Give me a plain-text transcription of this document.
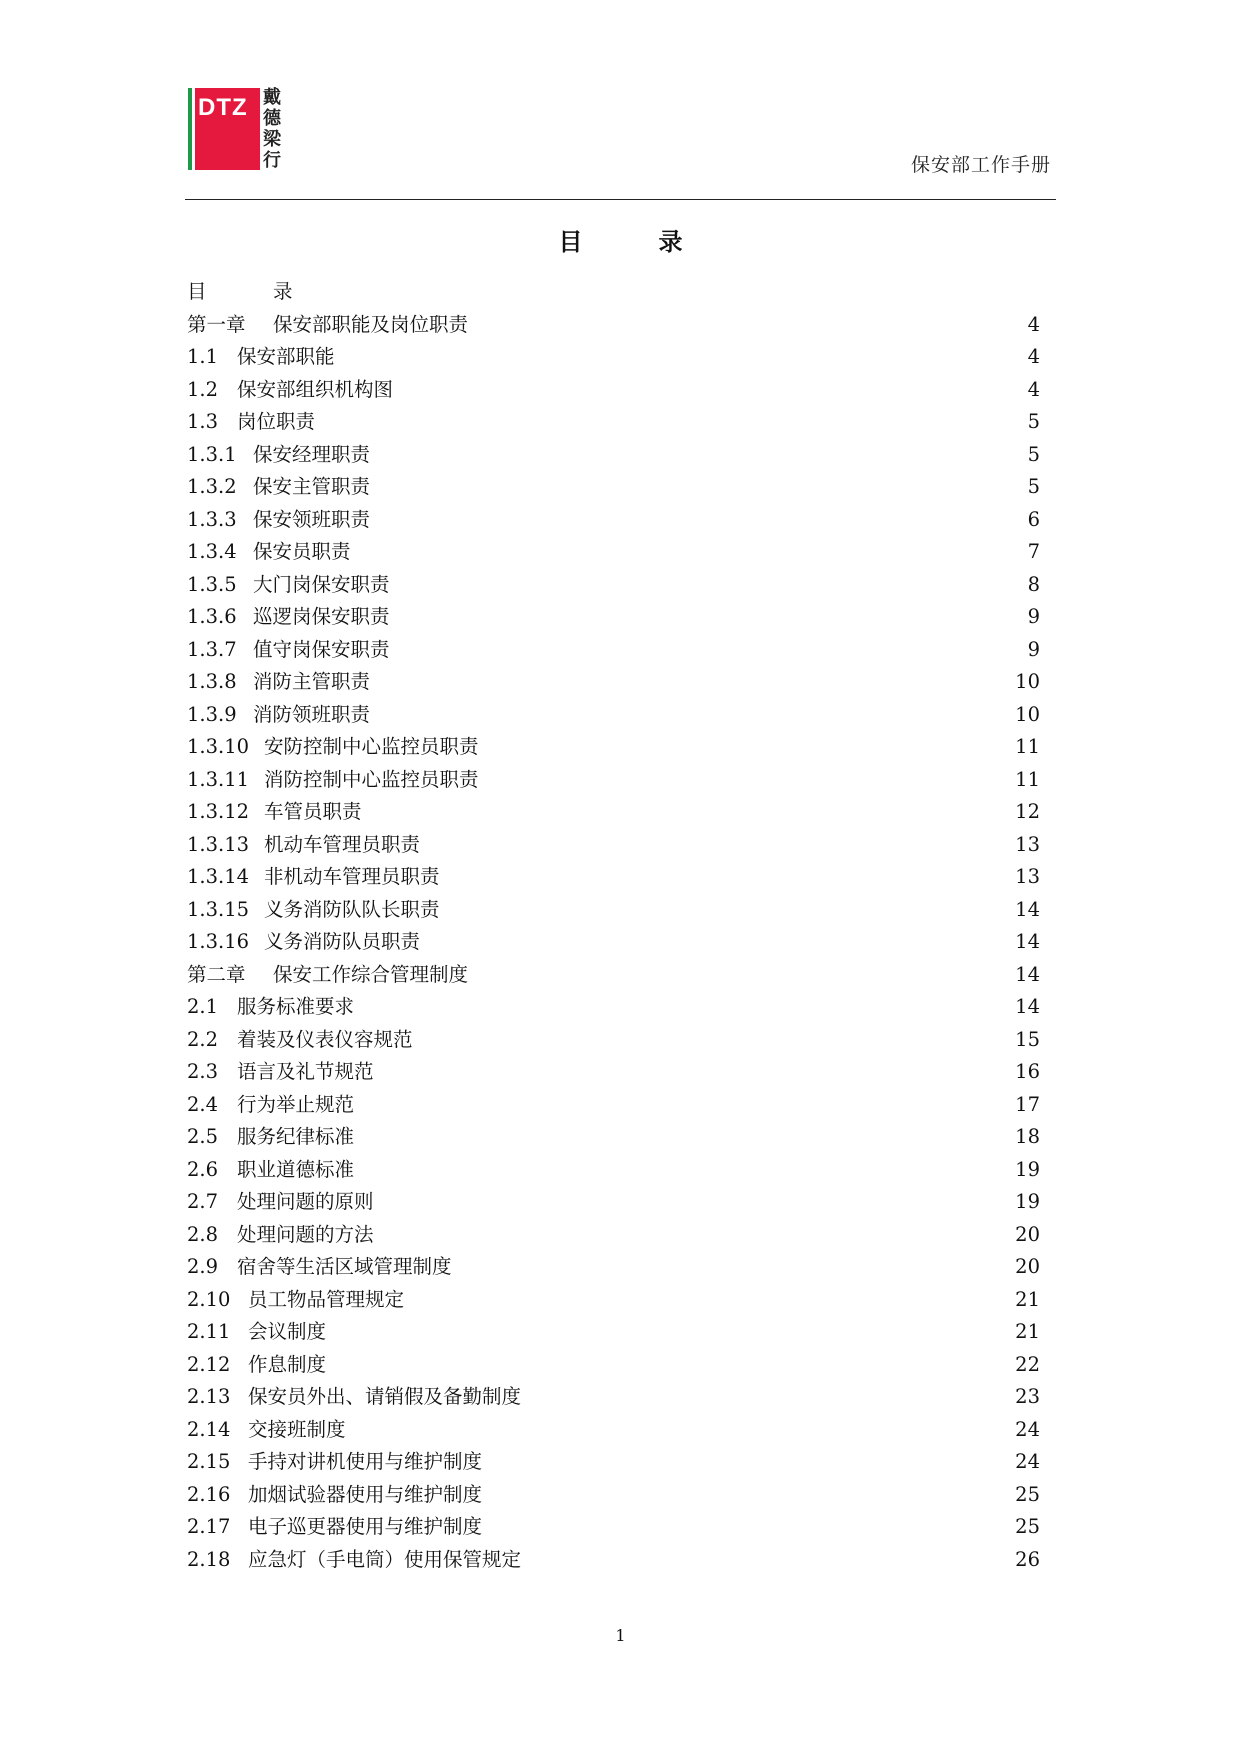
DTZ 戴
德
梁
行	保安部工作手册
目	录
目	录
第一章 保安部职能及岗位职责	4
1.1 保安部职能	4
1.2 保安部组织机构图	4
1.3 岗位职责	5
1.3.1 保安经理职责	5
1.3.2 保安主管职责	5
1.3.3 保安领班职责	6
1.3.4 保安员职责	7
1.3.5 大门岗保安职责	8
1.3.6 巡逻岗保安职责	9
1.3.7 值守岗保安职责	9
1.3.8 消防主管职责	10
1.3.9 消防领班职责	10
1.3.10 安防控制中心监控员职责	11
1.3.11 消防控制中心监控员职责	11
1.3.12 车管员职责	12
1.3.13 机动车管理员职责	13
1.3.14 非机动车管理员职责	13
1.3.15 义务消防队队长职责	14
1.3.16 义务消防队员职责	14
第二章 保安工作综合管理制度	14
2.1 服务标准要求	14
2.2 着装及仪表仪容规范	15
2.3 语言及礼节规范	16
2.4 行为举止规范	17
2.5 服务纪律标准	18
2.6 职业道德标准	19
2.7 处理问题的原则	19
2.8 处理问题的方法	20
2.9 宿舍等生活区域管理制度	20
2.10 员工物品管理规定	21
2.11 会议制度	21
2.12 作息制度	22
2.13 保安员外出、请销假及备勤制度	23
2.14 交接班制度	24
2.15 手持对讲机使用与维护制度	24
2.16 加烟试验器使用与维护制度	25
2.17 电子巡更器使用与维护制度	25
2.18 应急灯（手电筒）使用保管规定	26
1
